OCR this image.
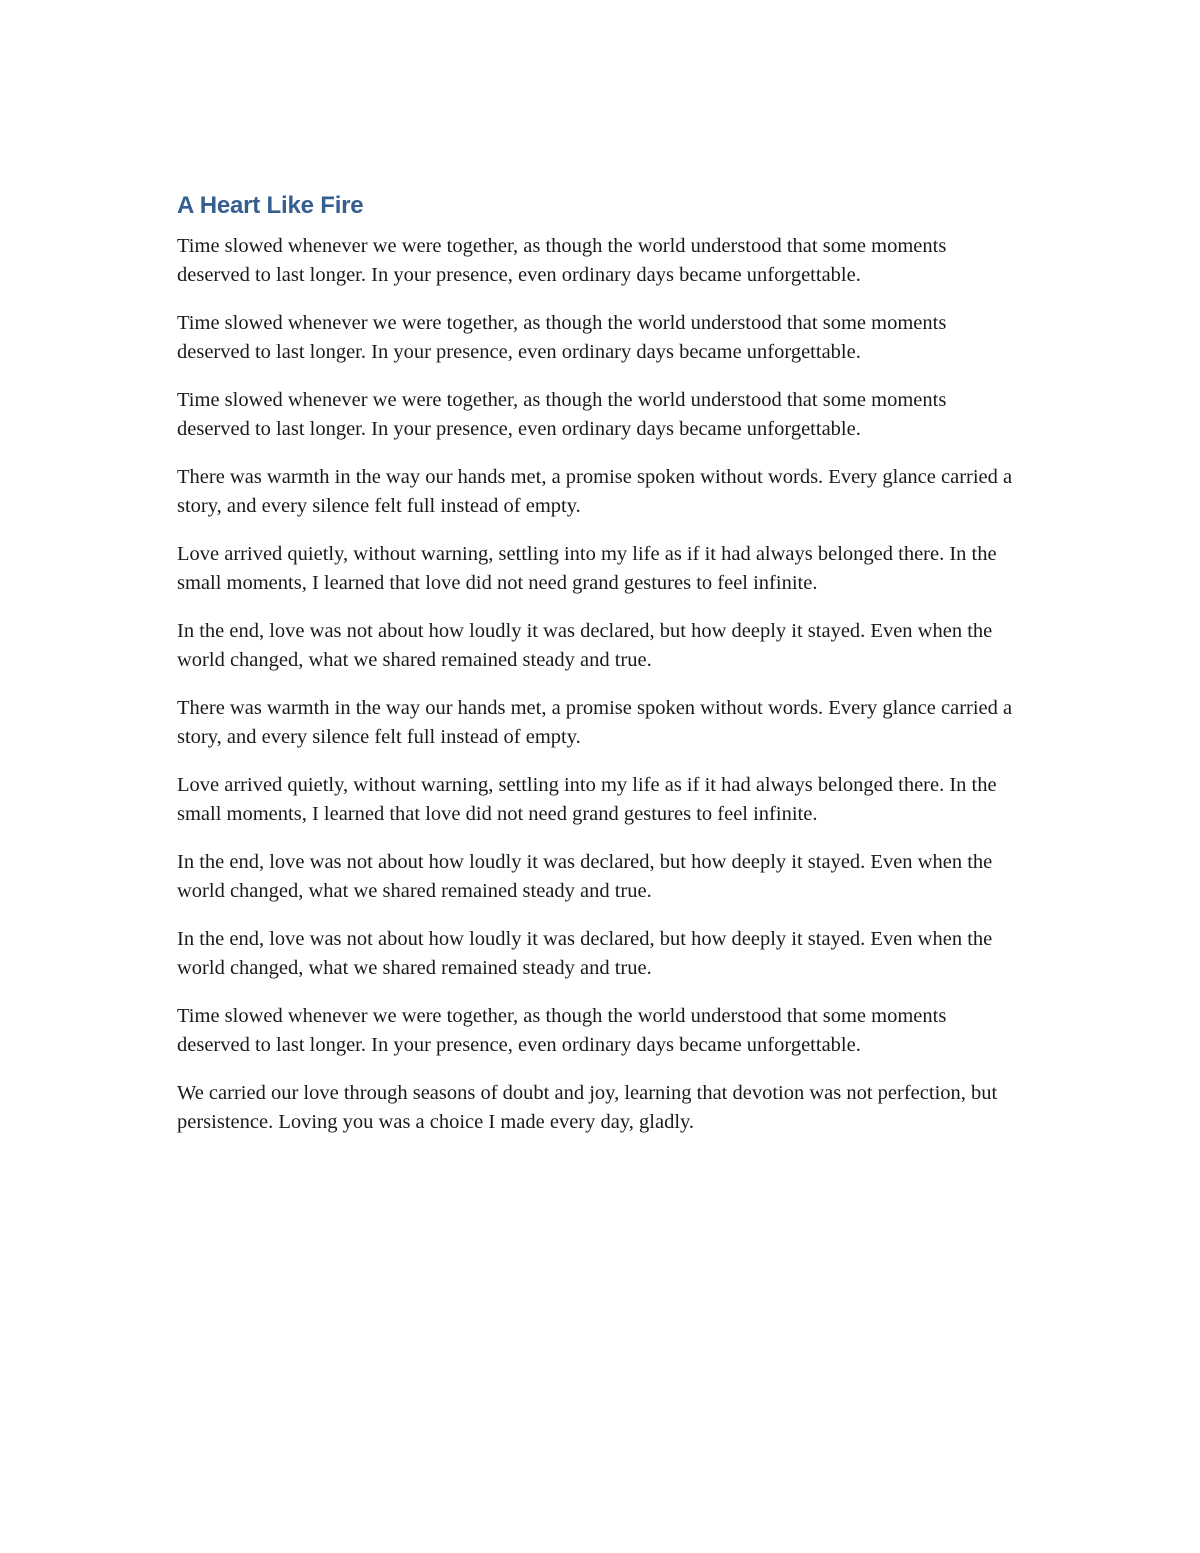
A Heart Like Fire

Time slowed whenever we were together, as though the world understood that some moments deserved to last longer. In your presence, even ordinary days became unforgettable.

Time slowed whenever we were together, as though the world understood that some moments deserved to last longer. In your presence, even ordinary days became unforgettable.

Time slowed whenever we were together, as though the world understood that some moments deserved to last longer. In your presence, even ordinary days became unforgettable.

There was warmth in the way our hands met, a promise spoken without words. Every glance carried a story, and every silence felt full instead of empty.

Love arrived quietly, without warning, settling into my life as if it had always belonged there. In the small moments, I learned that love did not need grand gestures to feel infinite.

In the end, love was not about how loudly it was declared, but how deeply it stayed. Even when the world changed, what we shared remained steady and true.

There was warmth in the way our hands met, a promise spoken without words. Every glance carried a story, and every silence felt full instead of empty.

Love arrived quietly, without warning, settling into my life as if it had always belonged there. In the small moments, I learned that love did not need grand gestures to feel infinite.

In the end, love was not about how loudly it was declared, but how deeply it stayed. Even when the world changed, what we shared remained steady and true.

In the end, love was not about how loudly it was declared, but how deeply it stayed. Even when the world changed, what we shared remained steady and true.

Time slowed whenever we were together, as though the world understood that some moments deserved to last longer. In your presence, even ordinary days became unforgettable.

We carried our love through seasons of doubt and joy, learning that devotion was not perfection, but persistence. Loving you was a choice I made every day, gladly.
